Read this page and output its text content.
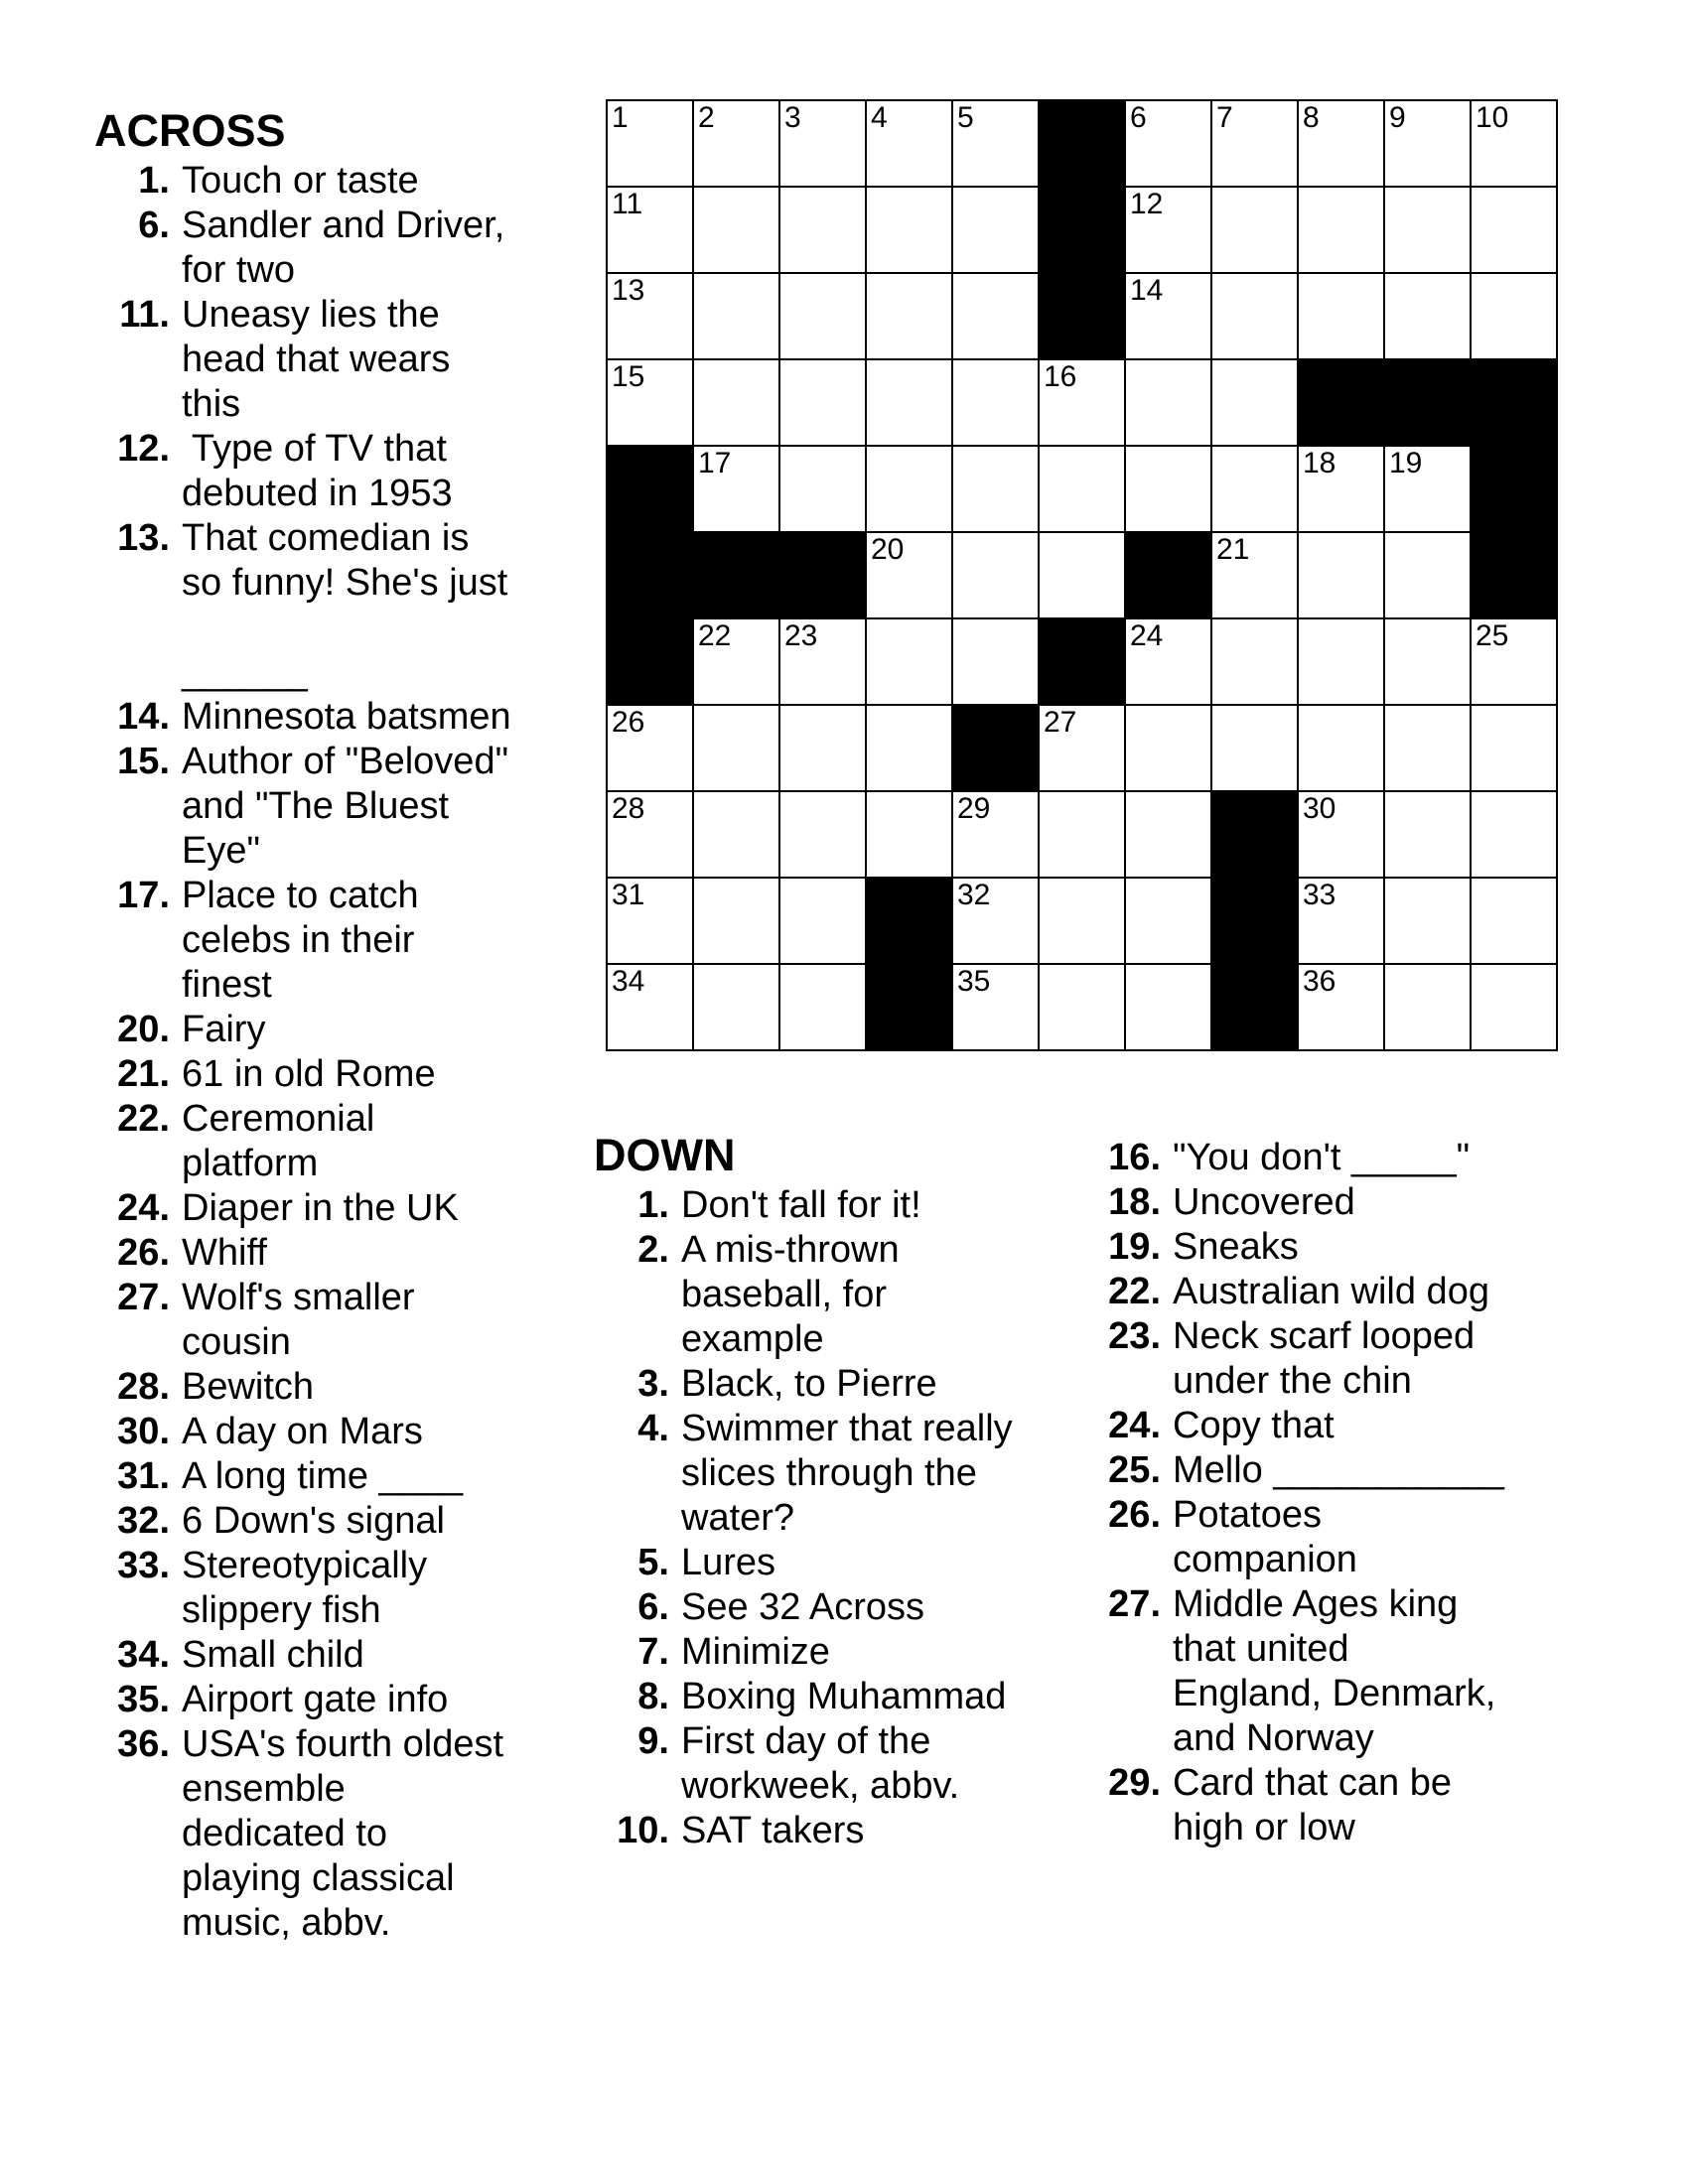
ACROSS
1. Touch or taste
6. Sandler and Driver,
for two
11. Uneasy lies the
head that wears
this
12. Type of TV that
debuted in 1953
13. That comedian is
so funny! She's just

______
14. Minnesota batsmen
15. Author of "Beloved"
and "The Bluest
Eye"
17. Place to catch
celebs in their
finest
20. Fairy
21. 61 in old Rome
22. Ceremonial
platform
24. Diaper in the UK
26. Whiff
27. Wolf's smaller
cousin
28. Bewitch
30. A day on Mars
31. A long time ____
32. 6 Down's signal
33. Stereotypically
slippery fish
34. Small child
35. Airport gate info
36. USA's fourth oldest
ensemble
dedicated to
playing classical
music, abbv.
1 2 3 4 5	6 7 8 9 10
11	12
13	14
15	16
17	18 19
20	21
22 23	24	25
26	27
28	29	30
31	32	33
34	35	36
DOWN
1. Don't fall for it!
2. A mis-thrown
baseball, for
example
3. Black, to Pierre
4. Swimmer that really
slices through the
water?
5. Lures
6. See 32 Across
7. Minimize
8. Boxing Muhammad
9. First day of the
workweek, abbv.
10. SAT takers
16. "You don't _____"
18. Uncovered
19. Sneaks
22. Australian wild dog
23. Neck scarf looped
under the chin
24. Copy that
25. Mello ___________
26. Potatoes
companion
27. Middle Ages king
that united
England, Denmark,
and Norway
29. Card that can be
high or low
